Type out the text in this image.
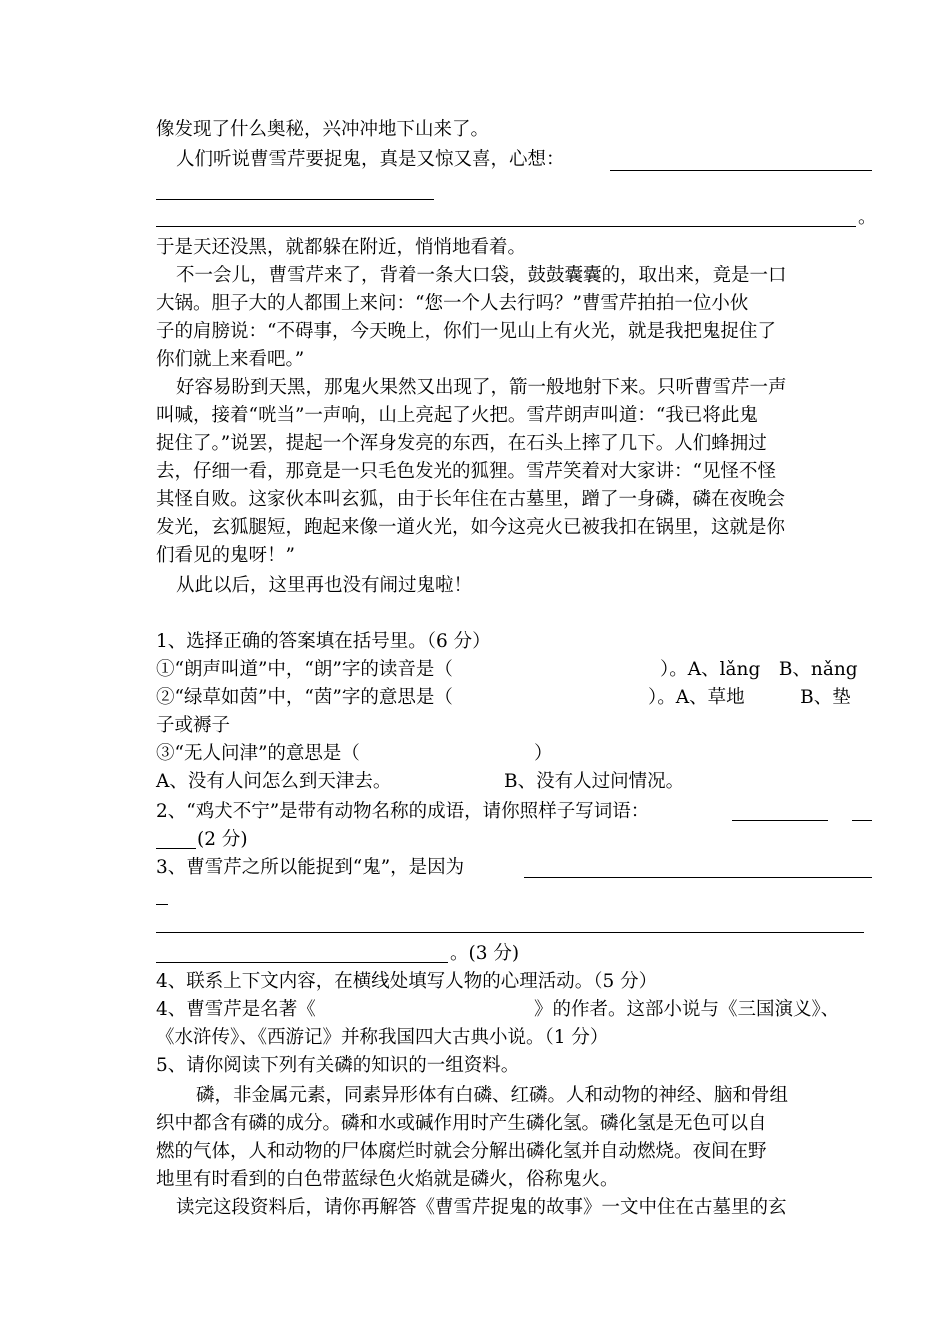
像发现了什么奥秘，兴冲冲地下山来了。
人们听说曹雪芹要捉鬼，真是又惊又喜，心想：
。
于是天还没黑，就都躲在附近，悄悄地看着。
不一会儿，曹雪芹来了，背着一条大口袋，鼓鼓囊囊的，取出来，竟是一口
大锅。胆子大的人都围上来问：“您一个人去行吗？”曹雪芹拍拍一位小伙
子的肩膀说：“不碍事，今天晚上，你们一见山上有火光，就是我把鬼捉住了
你们就上来看吧。”
好容易盼到天黑，那鬼火果然又出现了，箭一般地射下来。只听曹雪芹一声
叫喊，接着“咣当”一声响，山上亮起了火把。雪芹朗声叫道：“我已将此鬼
捉住了。”说罢，提起一个浑身发亮的东西，在石头上摔了几下。人们蜂拥过
去，仔细一看，那竟是一只毛色发光的狐狸。雪芹笑着对大家讲：“见怪不怪
其怪自败。这家伙本叫玄狐，由于长年住在古墓里，蹭了一身磷，磷在夜晚会
发光，玄狐腿短，跑起来像一道火光，如今这亮火已被我扣在锅里，这就是你
们看见的鬼呀！”
从此以后，这里再也没有闹过鬼啦！
1、选择正确的答案填在括号里。（6 分）
①“朗声叫道”中，“朗”字的读音是（	）。A、lǎng　B、nǎng
②“绿草如茵”中，“茵”字的意思是（	）。A、草地　　　B、垫
子或褥子
③“无人问津”的意思是（	）
A、没有人问怎么到天津去。	B、没有人过问情况。
2、“鸡犬不宁”是带有动物名称的成语，请你照样子写词语：
(2 分)
3、曹雪芹之所以能捉到“鬼”，是因为
。(3 分)
4、联系上下文内容，在横线处填写人物的心理活动。（5 分）
4、曹雪芹是名著《	》的作者。这部小说与《三国演义》、
《水浒传》、《西游记》并称我国四大古典小说。（1 分）
5、请你阅读下列有关磷的知识的一组资料。
磷，非金属元素，同素异形体有白磷、红磷。人和动物的神经、脑和骨组
织中都含有磷的成分。磷和水或碱作用时产生磷化氢。磷化氢是无色可以自
燃的气体，人和动物的尸体腐烂时就会分解出磷化氢并自动燃烧。夜间在野
地里有时看到的白色带蓝绿色火焰就是磷火，俗称鬼火。
读完这段资料后，请你再解答《曹雪芹捉鬼的故事》一文中住在古墓里的玄
